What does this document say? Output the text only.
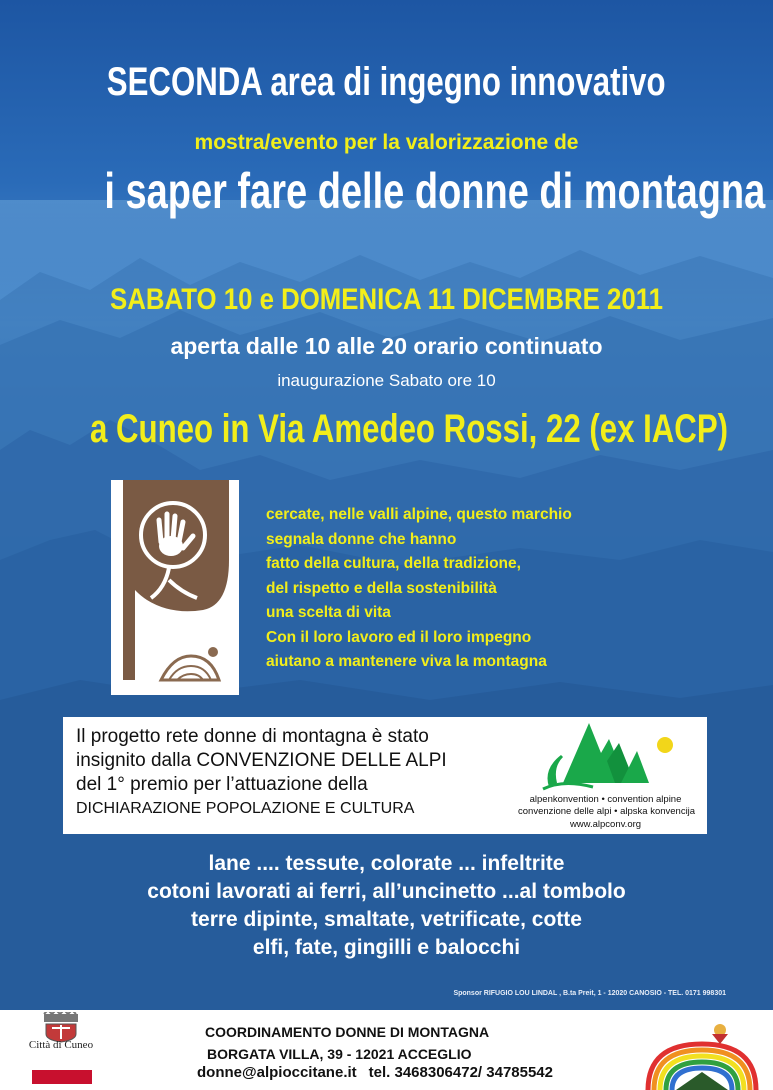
SECONDA area di ingegno innovativo
mostra/evento per la valorizzazione de
i saper fare delle donne di montagna
SABATO 10 e DOMENICA 11 DICEMBRE 2011
aperta dalle 10 alle 20 orario continuato
inaugurazione Sabato ore 10
a Cuneo in Via Amedeo Rossi, 22 (ex IACP)
cercate, nelle valli alpine, questo marchio
segnala donne che hanno
fatto della cultura, della tradizione,
del rispetto e della sostenibilità
una scelta di vita
Con il loro lavoro ed il loro impegno
aiutano a mantenere viva la montagna
Il progetto rete donne di montagna è stato
insignito dalla CONVENZIONE DELLE ALPI
del 1° premio per l’attuazione della
DICHIARAZIONE POPOLAZIONE E CULTURA
alpenkonvention • convention alpine
convenzione delle alpi • alpska konvencija
www.alpconv.org
lane .... tessute, colorate ... infeltrite
cotoni lavorati ai ferri, all’uncinetto ...al tombolo
terre dipinte, smaltate, vetrificate, cotte
elfi, fate, gingilli e balocchi
Sponsor RIFUGIO LOU LINDAL , B.ta Preit, 1 - 12020 CANOSIO - TEL. 0171 998301
Città di Cuneo
COORDINAMENTO DONNE DI MONTAGNA
BORGATA VILLA, 39 - 12021 ACCEGLIO
donne@alpioccitane.it tel. 3468306472/ 34785542
